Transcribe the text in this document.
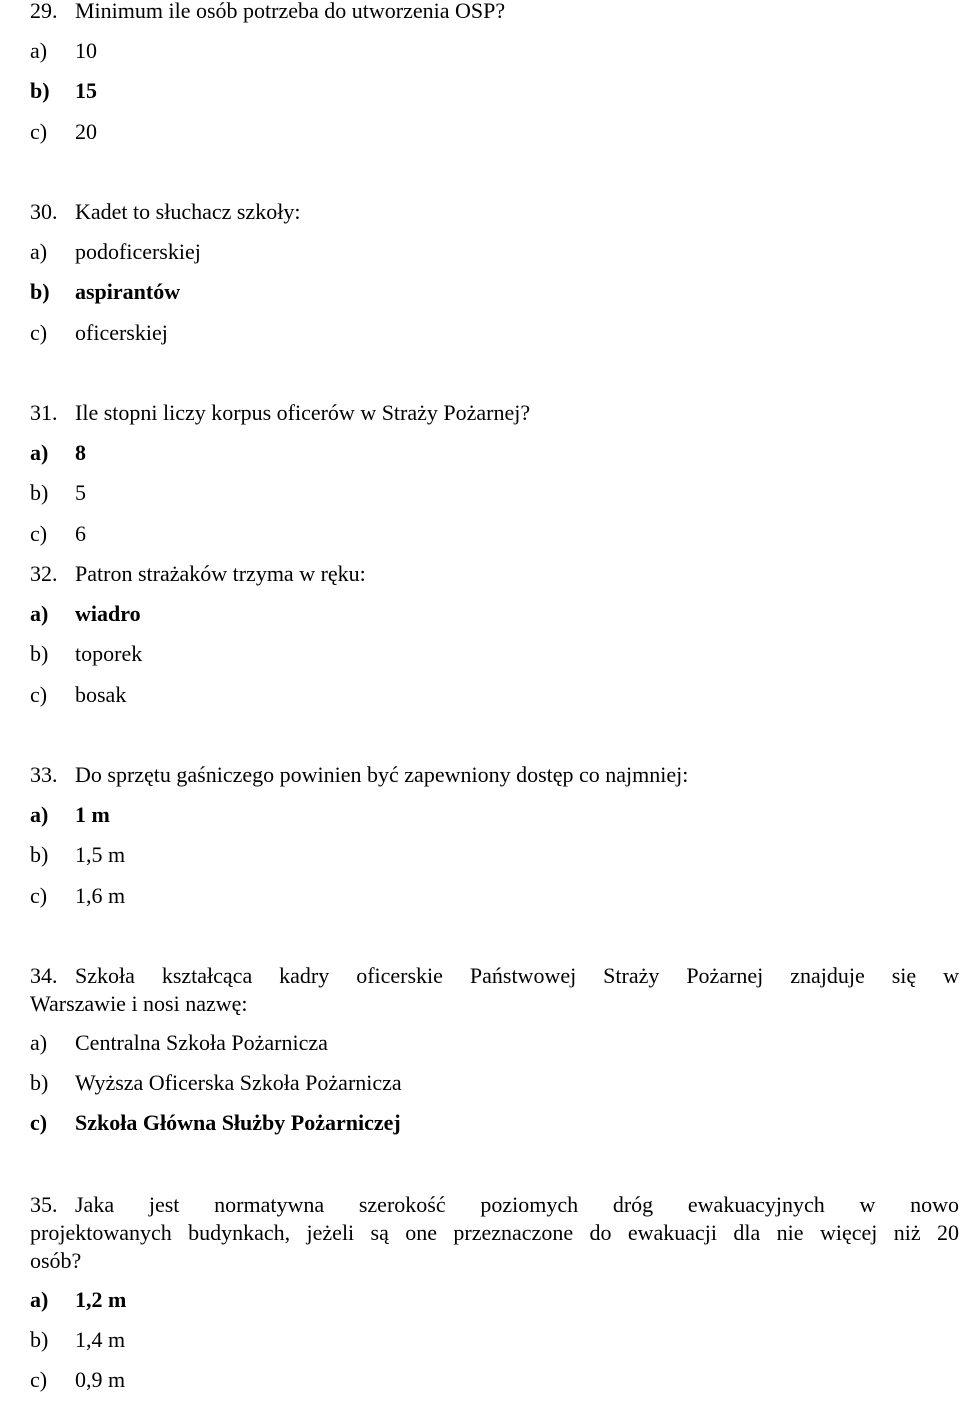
29. Minimum ile osób potrzeba do utworzenia OSP?
a) 10
b) 15
c) 20
30. Kadet to słuchacz szkoły:
a) podoficerskiej
b) aspirantów
c) oficerskiej
31. Ile stopni liczy korpus oficerów w Straży Pożarnej?
a) 8
b) 5
c) 6
32. Patron strażaków trzyma w ręku:
a) wiadro
b) toporek
c) bosak
33. Do sprzętu gaśniczego powinien być zapewniony dostęp co najmniej:
a) 1 m
b) 1,5 m
c) 1,6 m
34. Szkoła kształcąca kadry oficerskie Państwowej Straży Pożarnej znajduje się w
Warszawie i nosi nazwę:
a) Centralna Szkoła Pożarnicza
b) Wyższa Oficerska Szkoła Pożarnicza
c) Szkoła Główna Służby Pożarniczej
35. Jaka jest normatywna szerokość poziomych dróg ewakuacyjnych w nowo
projektowanych budynkach, jeżeli są one przeznaczone do ewakuacji dla nie więcej niż 20
osób?
a) 1,2 m
b) 1,4 m
c) 0,9 m
